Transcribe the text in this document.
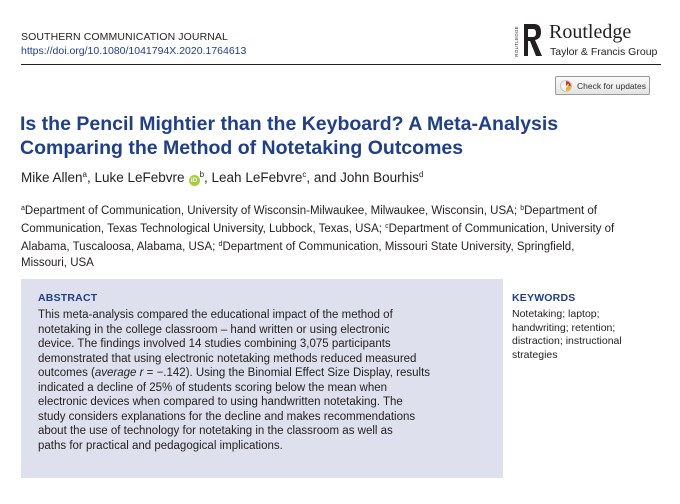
SOUTHERN COMMUNICATION JOURNAL
https://doi.org/10.1080/1041794X.2020.1764613	ROUTLEDGE Routledge
Taylor & Francis Group
Check for updates
Is the Pencil Mightier than the Keyboard? A Meta-Analysis
Comparing the Method of Notetaking Outcomes
Mike Allen$^a$, Luke LeFebvre $iD^b$, Leah LeFebvre$^c$, and John Bourhis$^d$
$^a$Department of Communication, University of Wisconsin-Milwaukee, Milwaukee, Wisconsin, USA; $^b$Department of
Communication, Texas Technological University, Lubbock, Texas, USA; $^c$Department of Communication, University of
Alabama, Tuscaloosa, Alabama, USA; $^d$Department of Communication, Missouri State University, Springfield,
Missouri, USA
ABSTRACT
This meta-analysis compared the educational impact of the method of
notetaking in the college classroom – hand written or using electronic
device. The findings involved 14 studies combining 3,075 participants
demonstrated that using electronic notetaking methods reduced measured
outcomes (average r = −.142). Using the Binomial Effect Size Display, results
indicated a decline of 25% of students scoring below the mean when
electronic devices when compared to using handwritten notetaking. The
study considers explanations for the decline and makes recommendations
about the use of technology for notetaking in the classroom as well as
paths for practical and pedagogical implications.
KEYWORDS
Notetaking; laptop;
handwriting; retention;
distraction; instructional
strategies
